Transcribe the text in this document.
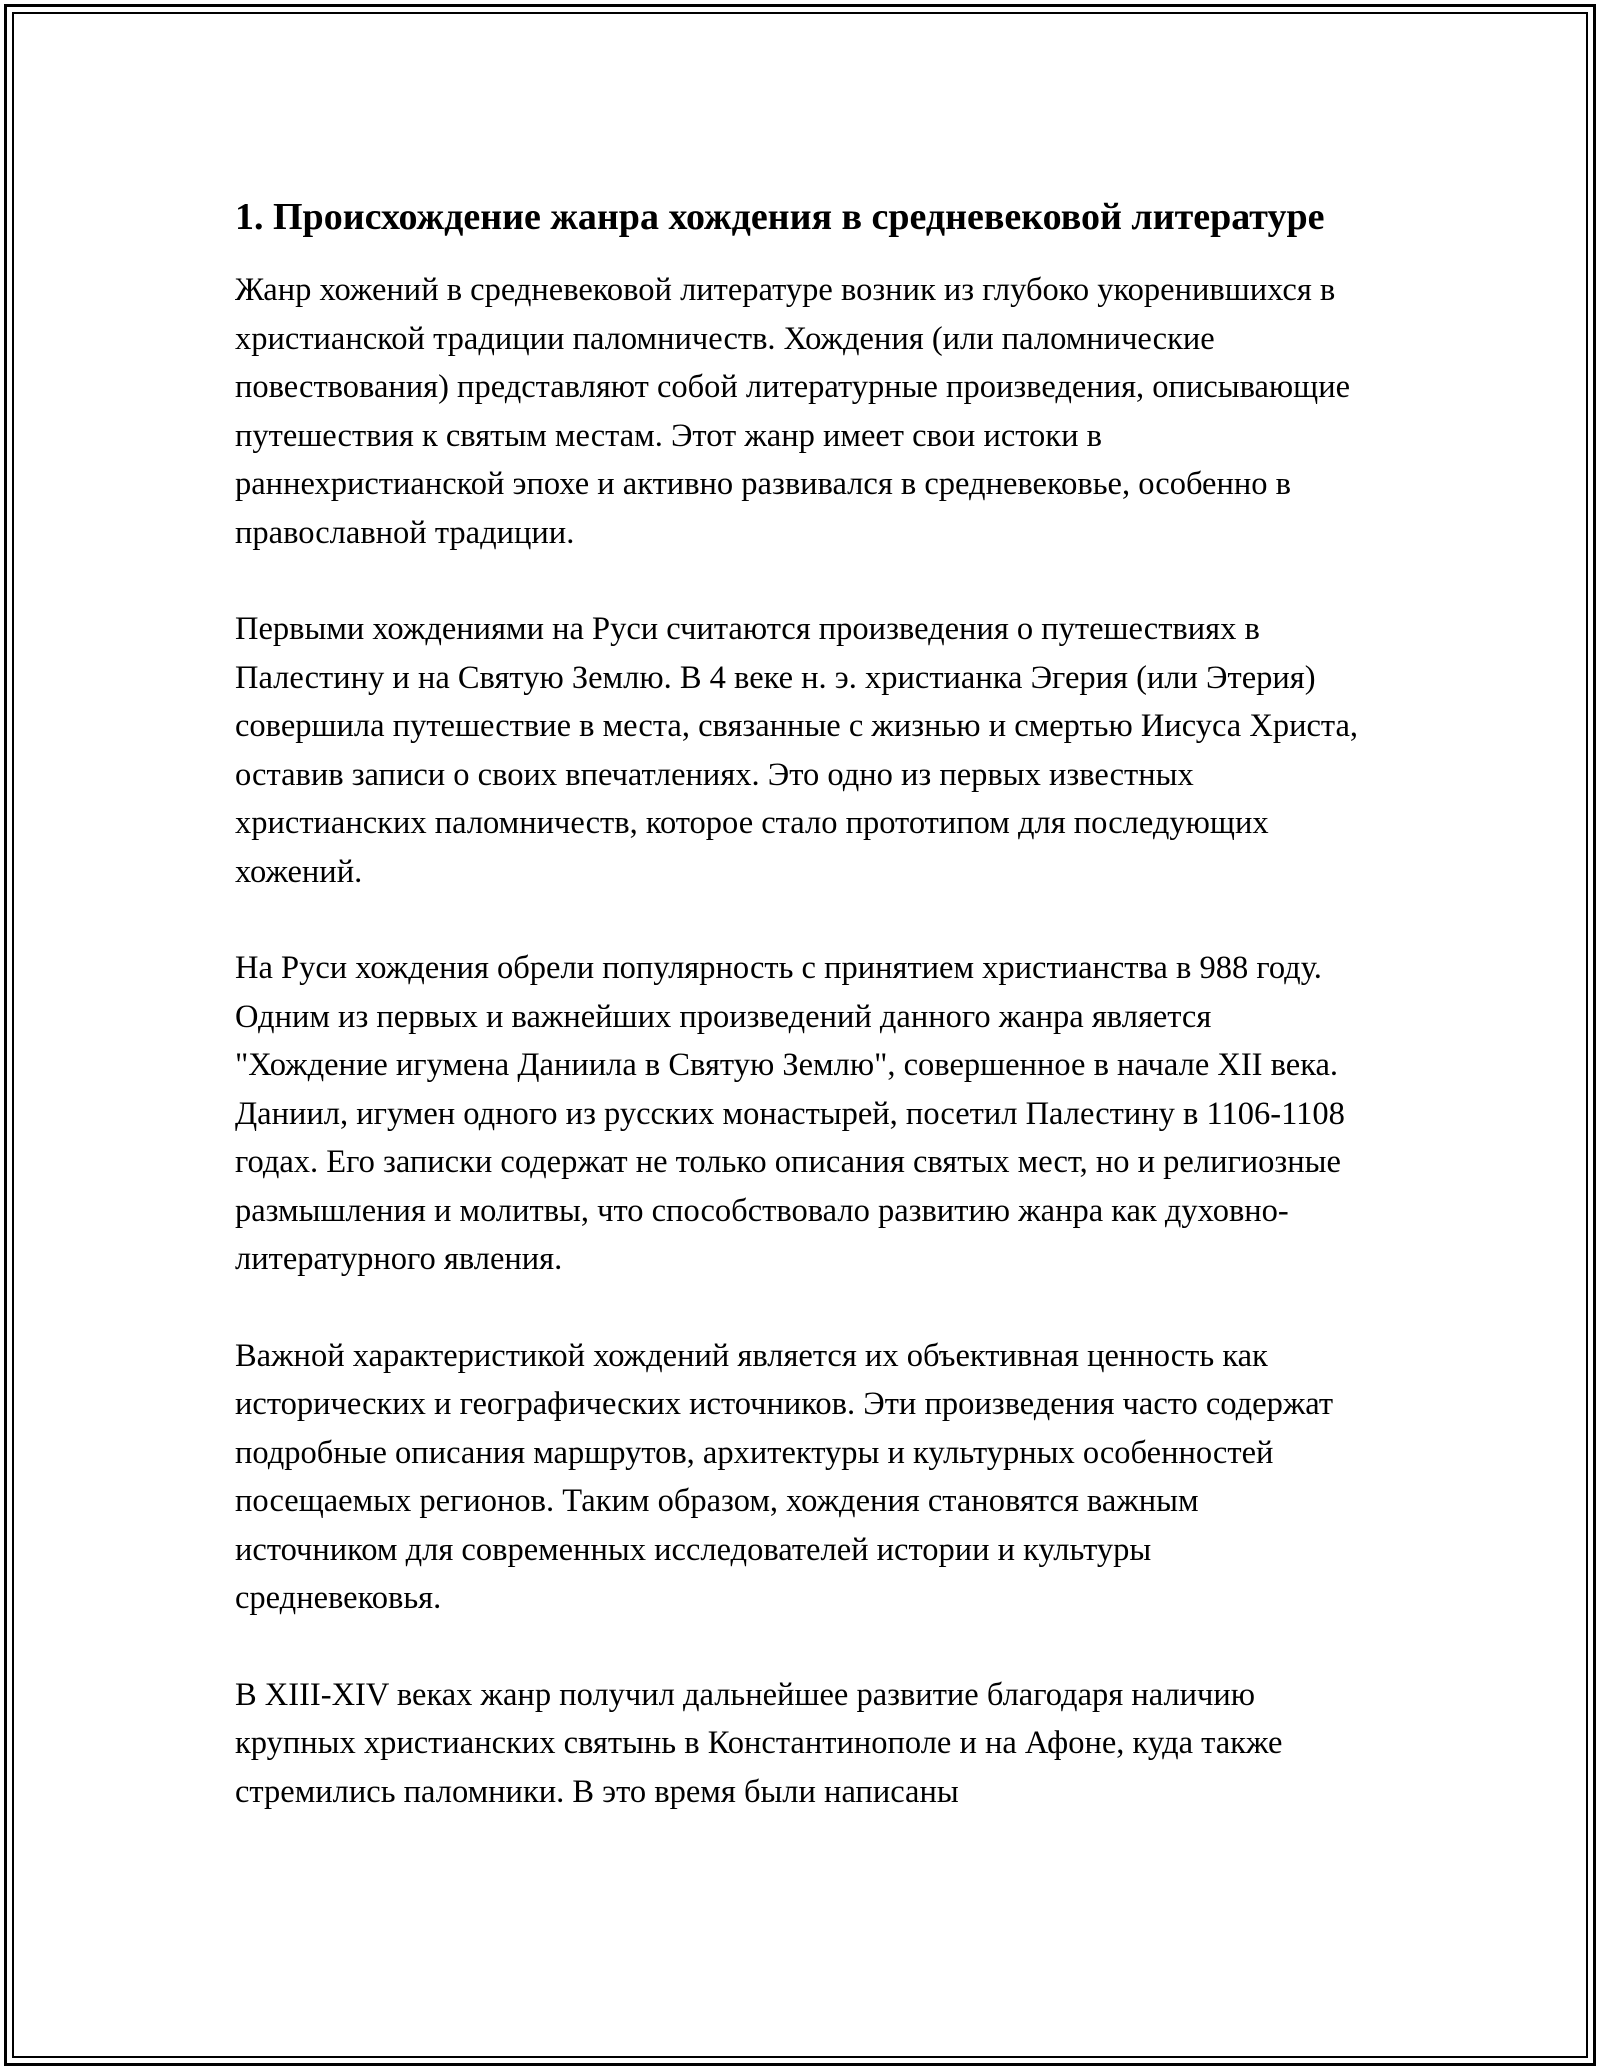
1. Происхождение жанра хождения в средневековой литературе

Жанр хожений в средневековой литературе возник из глубоко укоренившихся в христианской традиции паломничеств. Хождения (или паломнические повествования) представляют собой литературные произведения, описывающие путешествия к святым местам. Этот жанр имеет свои истоки в раннехристианской эпохе и активно развивался в средневековье, особенно в православной традиции.

Первыми хождениями на Руси считаются произведения о путешествиях в Палестину и на Святую Землю. В 4 веке н. э. христианка Эгерия (или Этерия) совершила путешествие в места, связанные с жизнью и смертью Иисуса Христа, оставив записи о своих впечатлениях. Это одно из первых известных христианских паломничеств, которое стало прототипом для последующих хожений.

На Руси хождения обрели популярность с принятием христианства в 988 году. Одним из первых и важнейших произведений данного жанра является "Хождение игумена Даниила в Святую Землю", совершенное в начале XII века. Даниил, игумен одного из русских монастырей, посетил Палестину в 1106-1108 годах. Его записки содержат не только описания святых мест, но и религиозные размышления и молитвы, что способствовало развитию жанра как духовно-литературного явления.

Важной характеристикой хождений является их объективная ценность как исторических и географических источников. Эти произведения часто содержат подробные описания маршрутов, архитектуры и культурных особенностей посещаемых регионов. Таким образом, хождения становятся важным источником для современных исследователей истории и культуры средневековья.

В XIII-XIV веках жанр получил дальнейшее развитие благодаря наличию крупных христианских святынь в Константинополе и на Афоне, куда также стремились паломники. В это время были написаны
